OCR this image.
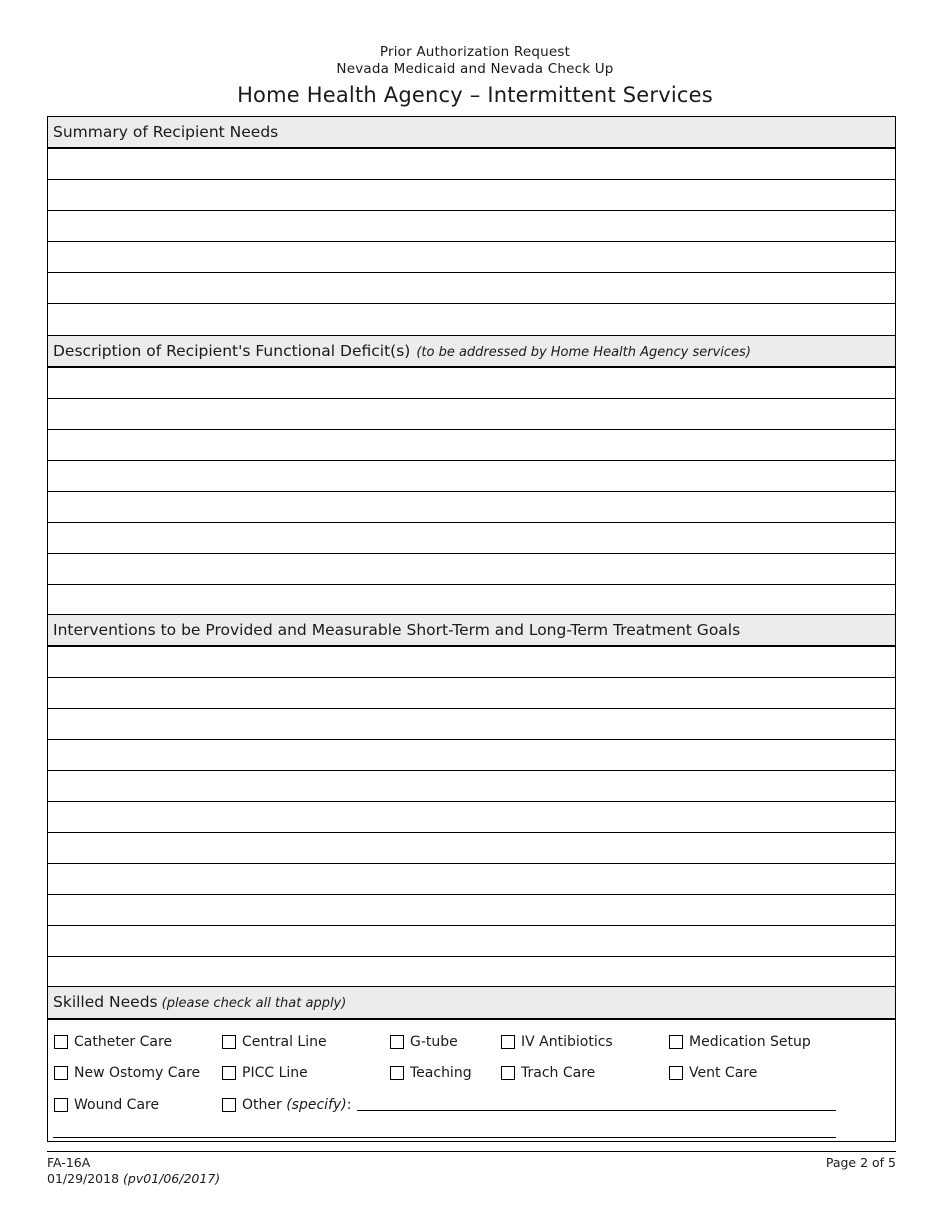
Prior Authorization Request
Nevada Medicaid and Nevada Check Up
Home Health Agency – Intermittent Services
Summary of Recipient Needs
Description of Recipient's Functional Deficit(s) (to be addressed by Home Health Agency services)
Interventions to be Provided and Measurable Short-Term and Long-Term Treatment Goals
Skilled Needs (please check all that apply)
Catheter Care	Central Line	G-tube	IV Antibiotics	Medication Setup
New Ostomy Care	PICC Line	Teaching	Trach Care	Vent Care
Wound Care	Other
(specify) :
FA-16A
01/29/2018 (pv01/06/2017)
Page 2 of 5
